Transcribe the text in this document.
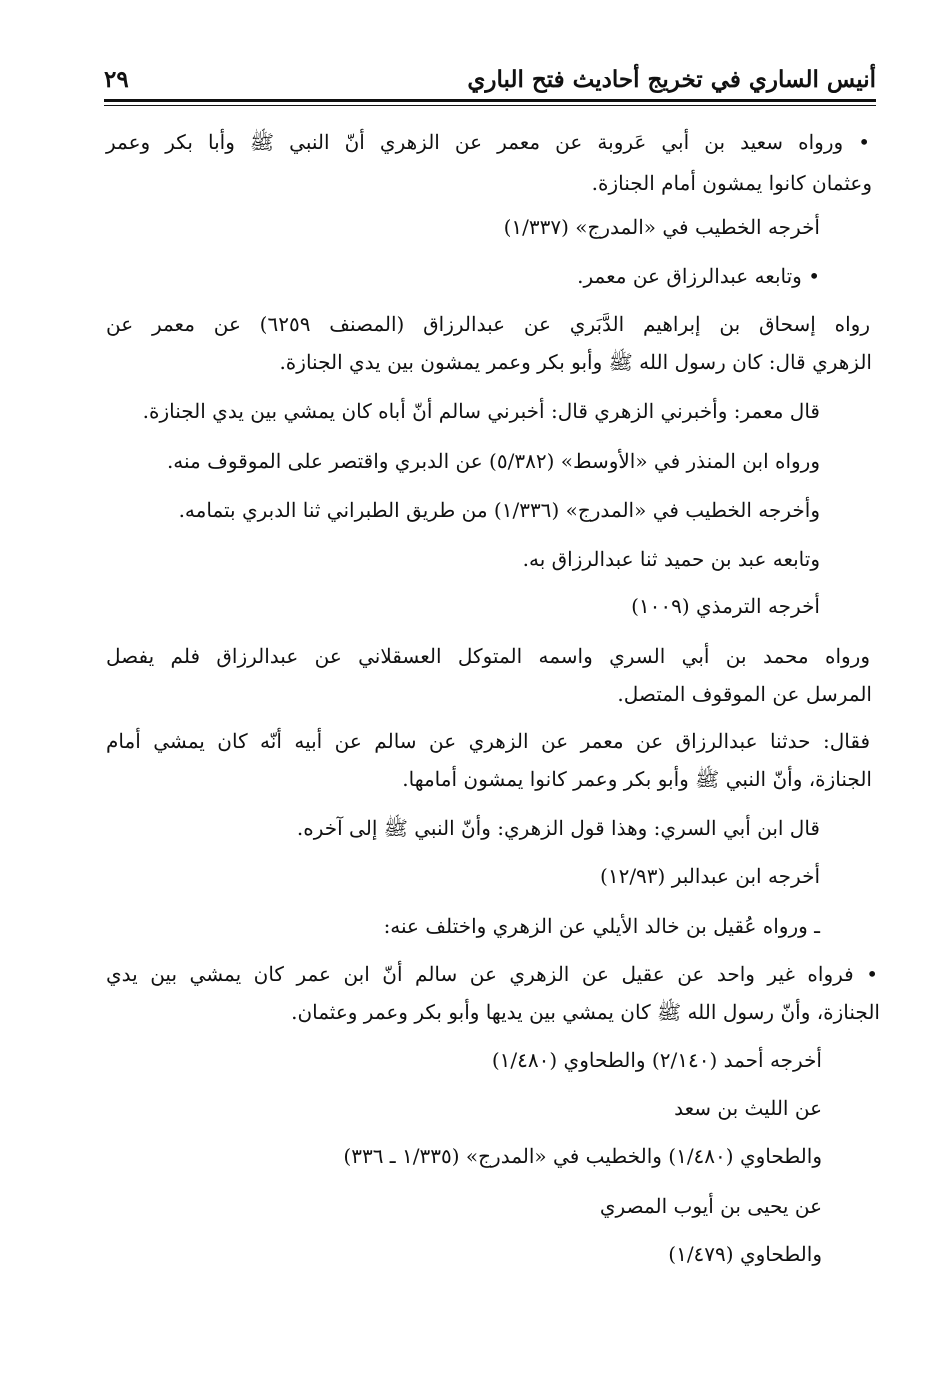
أنيس الساري في تخريج أحاديث فتح الباري
٢٩
• ورواه سعيد بن أبي عَروبة عن معمر عن الزهري أنّ النبي ﷺ وأبا بكر وعمر
وعثمان كانوا يمشون أمام الجنازة.
أخرجه الخطيب في «المدرج» (١/٣٣٧)
• وتابعه عبدالرزاق عن معمر.
رواه إسحاق بن إبراهيم الدَّبَري عن عبدالرزاق (المصنف ٦٢٥٩) عن معمر عن
الزهري قال: كان رسول الله ﷺ وأبو بكر وعمر يمشون بين يدي الجنازة.
قال معمر: وأخبرني الزهري قال: أخبرني سالم أنّ أباه كان يمشي بين يدي الجنازة.
ورواه ابن المنذر في «الأوسط» (٥/٣٨٢) عن الدبري واقتصر على الموقوف منه.
وأخرجه الخطيب في «المدرج» (١/٣٣٦) من طريق الطبراني ثنا الدبري بتمامه.
وتابعه عبد بن حميد ثنا عبدالرزاق به.
أخرجه الترمذي (١٠٠٩)
ورواه محمد بن أبي السري واسمه المتوكل العسقلاني عن عبدالرزاق فلم يفصل
المرسل عن الموقوف المتصل.
فقال: حدثنا عبدالرزاق عن معمر عن الزهري عن سالم عن أبيه أنّه كان يمشي أمام
الجنازة، وأنّ النبي ﷺ وأبو بكر وعمر كانوا يمشون أمامها.
قال ابن أبي السري: وهذا قول الزهري: وأنّ النبي ﷺ إلى آخره.
أخرجه ابن عبدالبر (١٢/٩٣)
ـ ورواه عُقيل بن خالد الأيلي عن الزهري واختلف عنه:
• فرواه غير واحد عن عقيل عن الزهري عن سالم أنّ ابن عمر كان يمشي بين يدي
الجنازة، وأنّ رسول الله ﷺ كان يمشي بين يديها وأبو بكر وعمر وعثمان.
أخرجه أحمد (٢/١٤٠) والطحاوي (١/٤٨٠)
عن الليث بن سعد
والطحاوي (١/٤٨٠) والخطيب في «المدرج» (١/٣٣٥ ـ ٣٣٦)
عن يحيى بن أيوب المصري
والطحاوي (١/٤٧٩)
